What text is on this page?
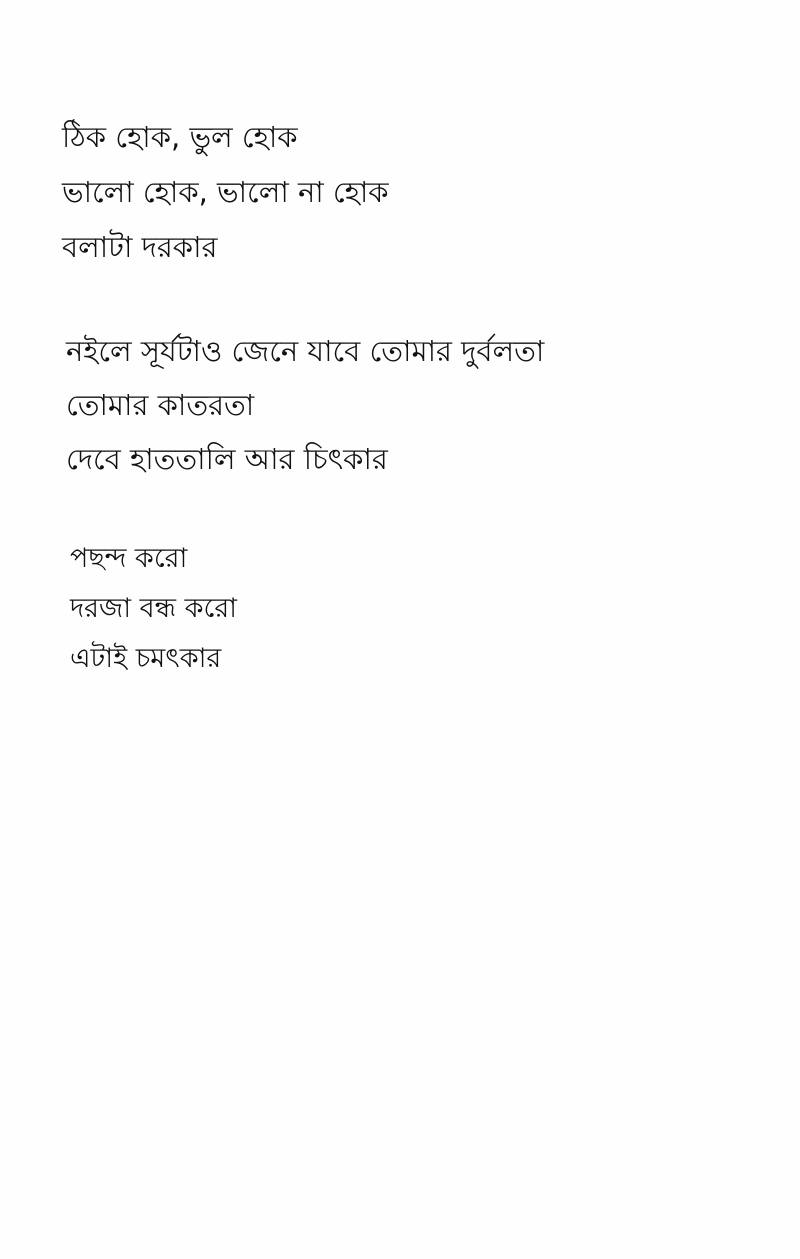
ঠিক হোক, ভুল হোক
ভালো হোক, ভালো না হোক
বলাটা দরকার
নইলে সূর্যটাও জেনে যাবে তোমার দুর্বলতা
তোমার কাতরতা
দেবে হাততালি আর চিৎকার
পছন্দ করো
দরজা বন্ধ করো
এটাই চমৎকার
